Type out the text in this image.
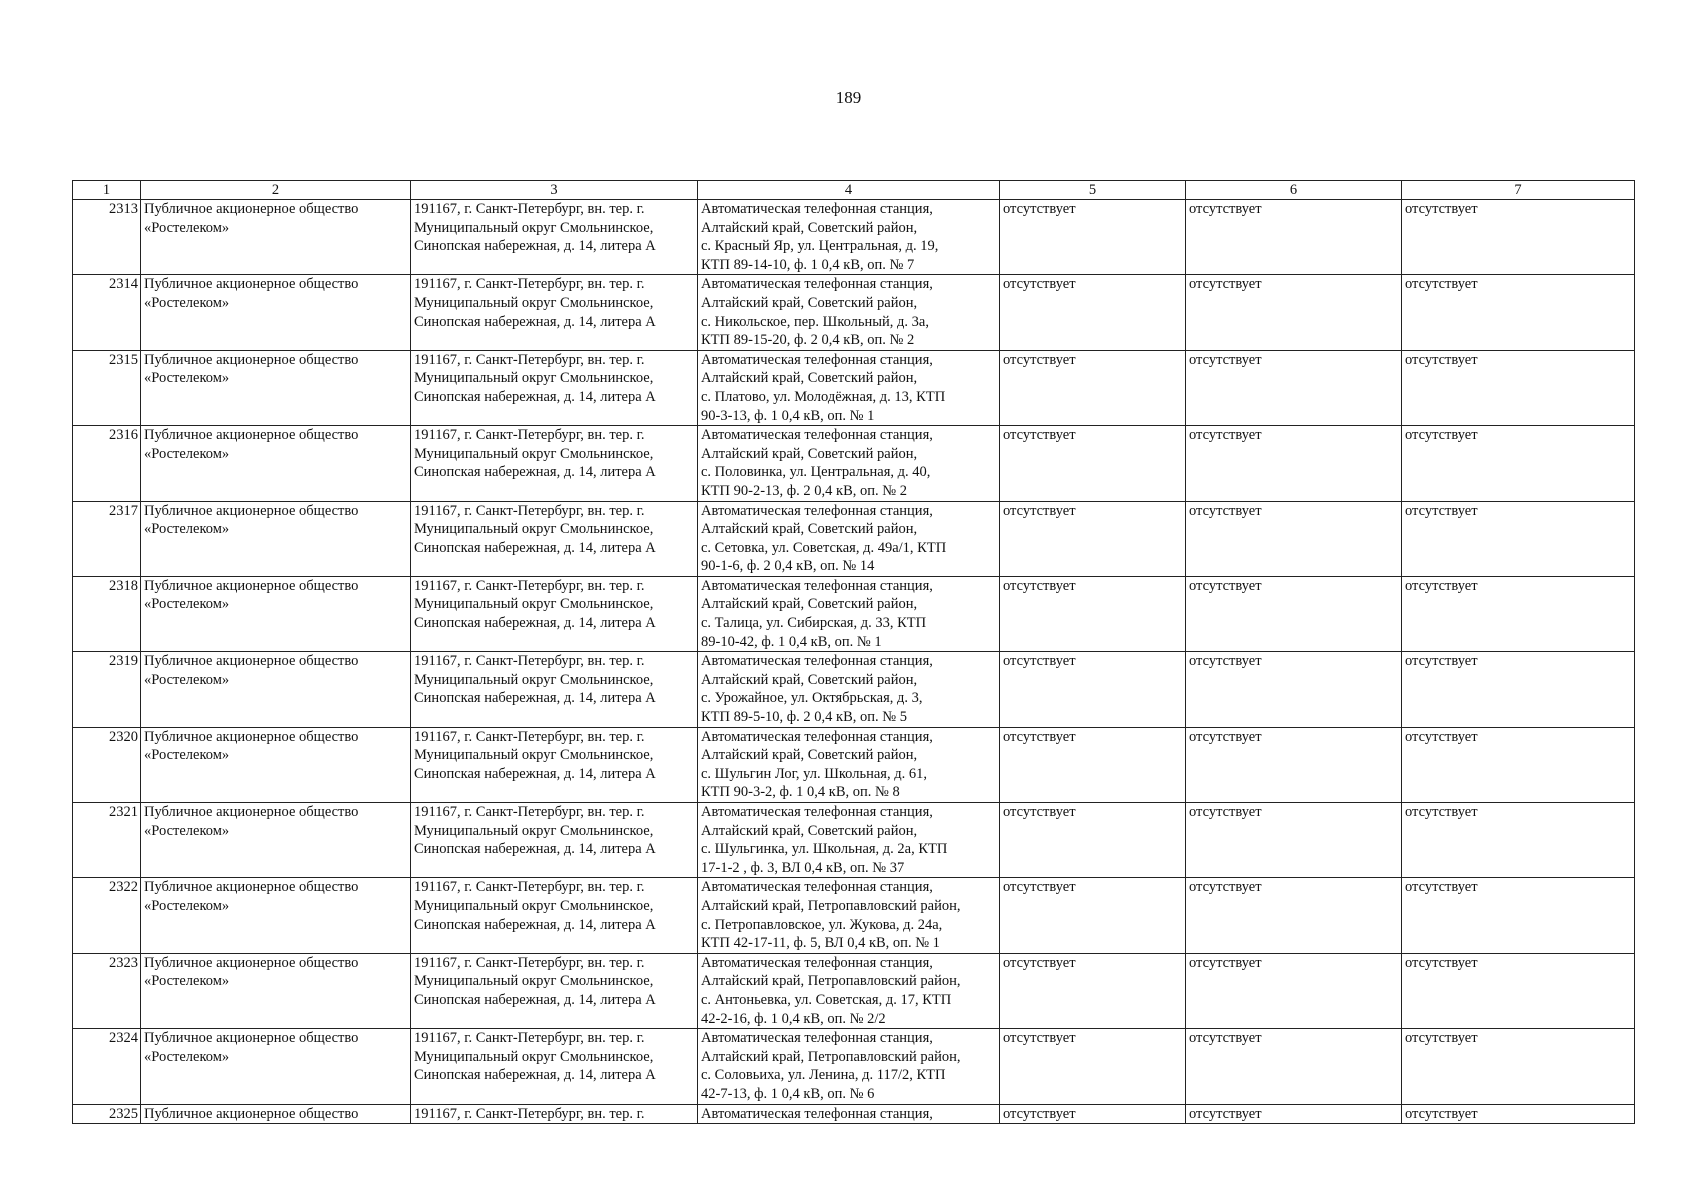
189
1	2	3	4	5	6	7
2313	Публичное акционерное общество
«Ростелеком»	191167, г. Санкт-Петербург, вн. тер. г.
Муниципальный округ Смольнинское,
Синопская набережная, д. 14, литера А	Автоматическая телефонная станция,
Алтайский край, Советский район,
с. Красный Яр, ул. Центральная, д. 19,
КТП 89-14-10, ф. 1 0,4 кВ, оп. № 7	отсутствует	отсутствует	отсутствует
2314	Публичное акционерное общество
«Ростелеком»	191167, г. Санкт-Петербург, вн. тер. г.
Муниципальный округ Смольнинское,
Синопская набережная, д. 14, литера А	Автоматическая телефонная станция,
Алтайский край, Советский район,
с. Никольское, пер. Школьный, д. 3а,
КТП 89-15-20, ф. 2 0,4 кВ, оп. № 2	отсутствует	отсутствует	отсутствует
2315	Публичное акционерное общество
«Ростелеком»	191167, г. Санкт-Петербург, вн. тер. г.
Муниципальный округ Смольнинское,
Синопская набережная, д. 14, литера А	Автоматическая телефонная станция,
Алтайский край, Советский район,
с. Платово, ул. Молодёжная, д. 13, КТП
90-3-13, ф. 1 0,4 кВ, оп. № 1	отсутствует	отсутствует	отсутствует
2316	Публичное акционерное общество
«Ростелеком»	191167, г. Санкт-Петербург, вн. тер. г.
Муниципальный округ Смольнинское,
Синопская набережная, д. 14, литера А	Автоматическая телефонная станция,
Алтайский край, Советский район,
с. Половинка, ул. Центральная, д. 40,
КТП 90-2-13, ф. 2 0,4 кВ, оп. № 2	отсутствует	отсутствует	отсутствует
2317	Публичное акционерное общество
«Ростелеком»	191167, г. Санкт-Петербург, вн. тер. г.
Муниципальный округ Смольнинское,
Синопская набережная, д. 14, литера А	Автоматическая телефонная станция,
Алтайский край, Советский район,
с. Сетовка, ул. Советская, д. 49а/1, КТП
90-1-6, ф. 2 0,4 кВ, оп. № 14	отсутствует	отсутствует	отсутствует
2318	Публичное акционерное общество
«Ростелеком»	191167, г. Санкт-Петербург, вн. тер. г.
Муниципальный округ Смольнинское,
Синопская набережная, д. 14, литера А	Автоматическая телефонная станция,
Алтайский край, Советский район,
с. Талица, ул. Сибирская, д. 33, КТП
89-10-42, ф. 1 0,4 кВ, оп. № 1	отсутствует	отсутствует	отсутствует
2319	Публичное акционерное общество
«Ростелеком»	191167, г. Санкт-Петербург, вн. тер. г.
Муниципальный округ Смольнинское,
Синопская набережная, д. 14, литера А	Автоматическая телефонная станция,
Алтайский край, Советский район,
с. Урожайное, ул. Октябрьская, д. 3,
КТП 89-5-10, ф. 2 0,4 кВ, оп. № 5	отсутствует	отсутствует	отсутствует
2320	Публичное акционерное общество
«Ростелеком»	191167, г. Санкт-Петербург, вн. тер. г.
Муниципальный округ Смольнинское,
Синопская набережная, д. 14, литера А	Автоматическая телефонная станция,
Алтайский край, Советский район,
с. Шульгин Лог, ул. Школьная, д. 61,
КТП 90-3-2, ф. 1 0,4 кВ, оп. № 8	отсутствует	отсутствует	отсутствует
2321	Публичное акционерное общество
«Ростелеком»	191167, г. Санкт-Петербург, вн. тер. г.
Муниципальный округ Смольнинское,
Синопская набережная, д. 14, литера А	Автоматическая телефонная станция,
Алтайский край, Советский район,
с. Шульгинка, ул. Школьная, д. 2а, КТП
17-1-2 , ф. 3, ВЛ 0,4 кВ, оп. № 37	отсутствует	отсутствует	отсутствует
2322	Публичное акционерное общество
«Ростелеком»	191167, г. Санкт-Петербург, вн. тер. г.
Муниципальный округ Смольнинское,
Синопская набережная, д. 14, литера А	Автоматическая телефонная станция,
Алтайский край, Петропавловский район,
с. Петропавловское, ул. Жукова, д. 24а,
КТП 42-17-11, ф. 5, ВЛ 0,4 кВ, оп. № 1	отсутствует	отсутствует	отсутствует
2323	Публичное акционерное общество
«Ростелеком»	191167, г. Санкт-Петербург, вн. тер. г.
Муниципальный округ Смольнинское,
Синопская набережная, д. 14, литера А	Автоматическая телефонная станция,
Алтайский край, Петропавловский район,
с. Антоньевка, ул. Советская, д. 17, КТП
42-2-16, ф. 1 0,4 кВ, оп. № 2/2	отсутствует	отсутствует	отсутствует
2324	Публичное акционерное общество
«Ростелеком»	191167, г. Санкт-Петербург, вн. тер. г.
Муниципальный округ Смольнинское,
Синопская набережная, д. 14, литера А	Автоматическая телефонная станция,
Алтайский край, Петропавловский район,
с. Соловьиха, ул. Ленина, д. 117/2, КТП
42-7-13, ф. 1 0,4 кВ, оп. № 6	отсутствует	отсутствует	отсутствует
2325	Публичное акционерное общество	191167, г. Санкт-Петербург, вн. тер. г.	Автоматическая телефонная станция,	отсутствует	отсутствует	отсутствует
